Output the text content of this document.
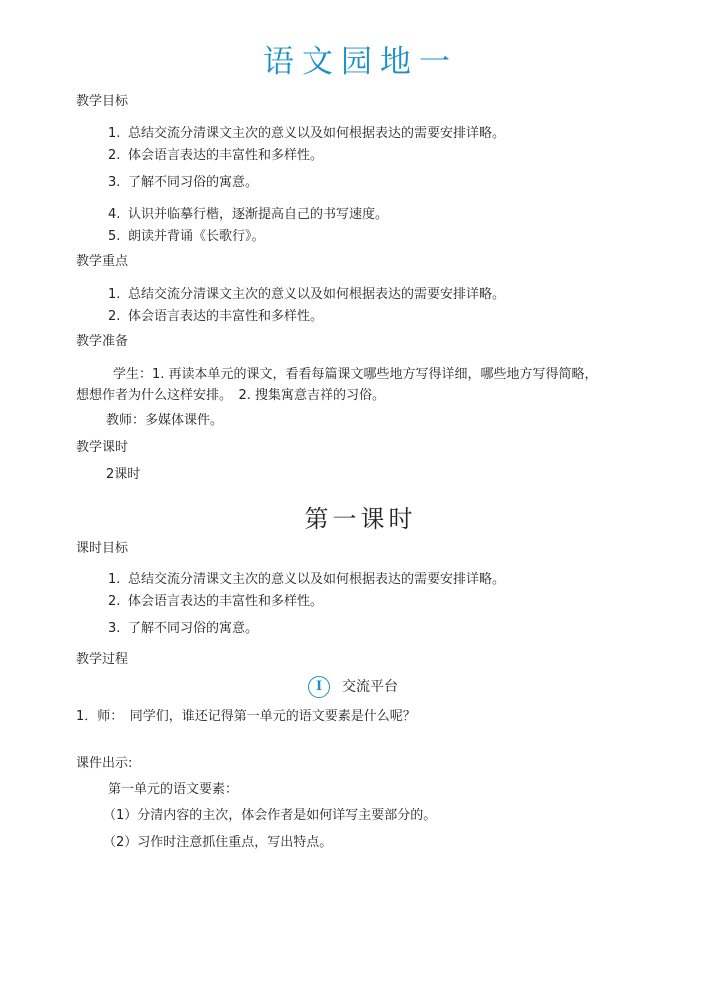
语文园地一
教学目标
1. 总结交流分清课文主次的意义以及如何根据表达的需要安排详略。
2. 体会语言表达的丰富性和多样性。
3. 了解不同习俗的寓意。
4. 认识并临摹行楷，逐渐提高自己的书写速度。
5. 朗读并背诵《长歌行》。
教学重点
1. 总结交流分清课文主次的意义以及如何根据表达的需要安排详略。
2. 体会语言表达的丰富性和多样性。
教学准备
学生：1. 再读本单元的课文，看看每篇课文哪些地方写得详细，哪些地方写得简略，
想想作者为什么这样安排。　2. 搜集寓意吉祥的习俗。
教师：多媒体课件。
教学课时
2课时
第一课时
课时目标
1. 总结交流分清课文主次的意义以及如何根据表达的需要安排详略。
2. 体会语言表达的丰富性和多样性。
3. 了解不同习俗的寓意。
教学过程
Ⅰ	交流平台
1．师：　同学们，谁还记得第一单元的语文要素是什么呢？
课件出示:
第一单元的语文要素：
（1）分清内容的主次，体会作者是如何详写主要部分的。
（2）习作时注意抓住重点，写出特点。
